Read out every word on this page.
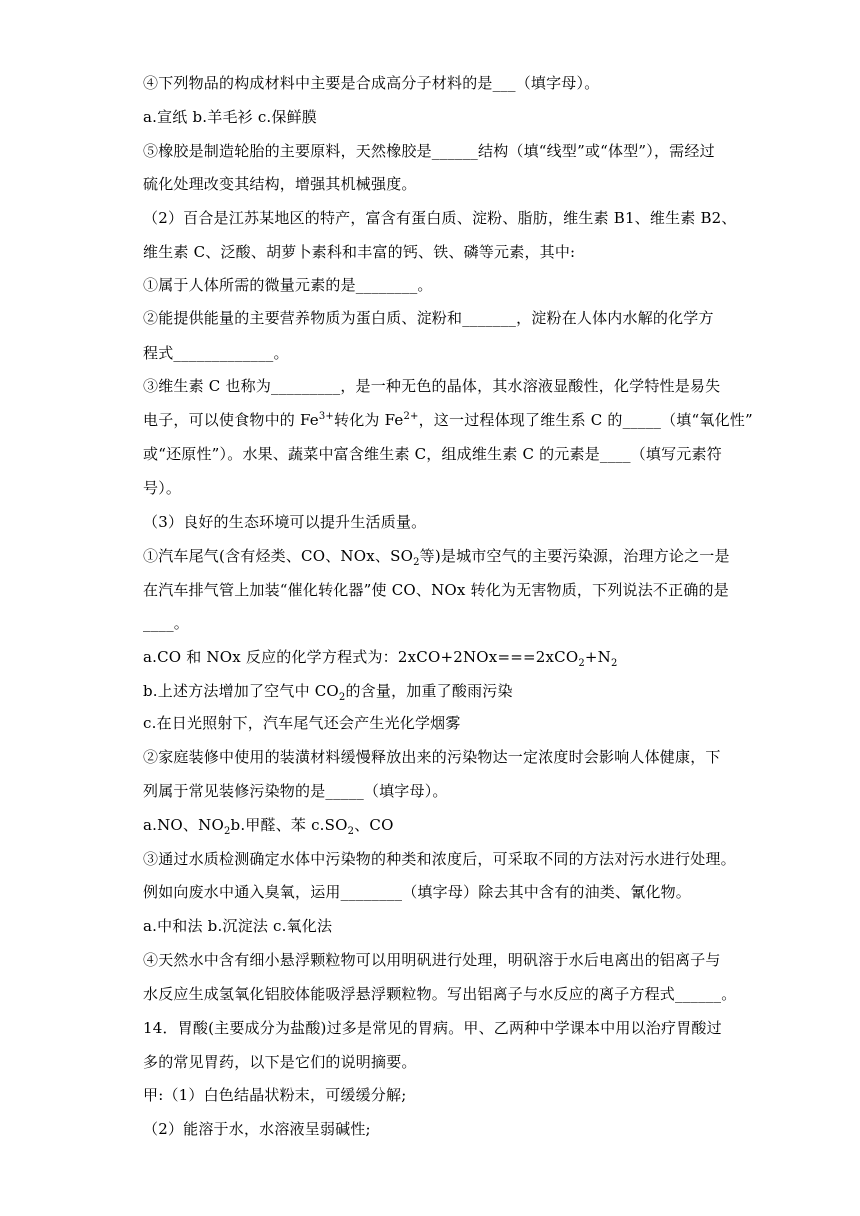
④下列物品的构成材料中主要是合成高分子材料的是___（填字母）。
a.宣纸 b.羊毛衫 c.保鲜膜
⑤橡胶是制造轮胎的主要原料，天然橡胶是______结构（填“线型”或“体型”），需经过
硫化处理改变其结构，增强其机械强度。
（2）百合是江苏某地区的特产，富含有蛋白质、淀粉、脂肪，维生素 B1、维生素 B2、
维生素 C、泛酸、胡萝卜素科和丰富的钙、铁、磷等元素，其中:
①属于人体所需的微量元素的是________。
②能提供能量的主要营养物质为蛋白质、淀粉和_______，淀粉在人体内水解的化学方
程式_____________。
③维生素 C 也称为_________，是一种无色的晶体，其水溶液显酸性，化学特性是易失
电子，可以使食物中的 $Fe^{3+}$转化为 $Fe^{2+}$，这一过程体现了维生系 C 的_____（填“氧化性”
或“还原性”）。水果、蔬菜中富含维生素 C，组成维生素 C 的元素是____（填写元素符
号）。
（3）良好的生态环境可以提升生活质量。
①汽车尾气(含有烃类、CO、NOx、$SO_2$等)是城市空气的主要污染源，治理方论之一是
在汽车排气管上加装“催化转化器”使 CO、NOx 转化为无害物质，下列说法不正确的是
____。
a.CO 和 NOx 反应的化学方程式为：$2xCO+2NOx===2xCO_2+N_2$
b.上述方法增加了空气中 $CO_2$的含量，加重了酸雨污染
c.在日光照射下，汽车尾气还会产生光化学烟雾
②家庭装修中使用的装潢材料缓慢释放出来的污染物达一定浓度时会影响人体健康，下
列属于常见装修污染物的是_____（填字母）。
a.NO、$NO_2b$.甲醛、苯 $c.SO_2$、CO
③通过水质检测确定水体中污染物的种类和浓度后，可采取不同的方法对污水进行处理。
例如向废水中通入臭氧，运用________（填字母）除去其中含有的油类、氰化物。
a.中和法 b.沉淀法 c.氧化法
④天然水中含有细小悬浮颗粒物可以用明矾进行处理，明矾溶于水后电离出的铝离子与
水反应生成氢氧化铝胶体能吸浮悬浮颗粒物。写出铝离子与水反应的离子方程式______。
14．胃酸(主要成分为盐酸)过多是常见的胃病。甲、乙两种中学课本中用以治疗胃酸过
多的常见胃药，以下是它们的说明摘要。
甲:（1）白色结晶状粉末，可缓缓分解;
（2）能溶于水，水溶液呈弱碱性;
